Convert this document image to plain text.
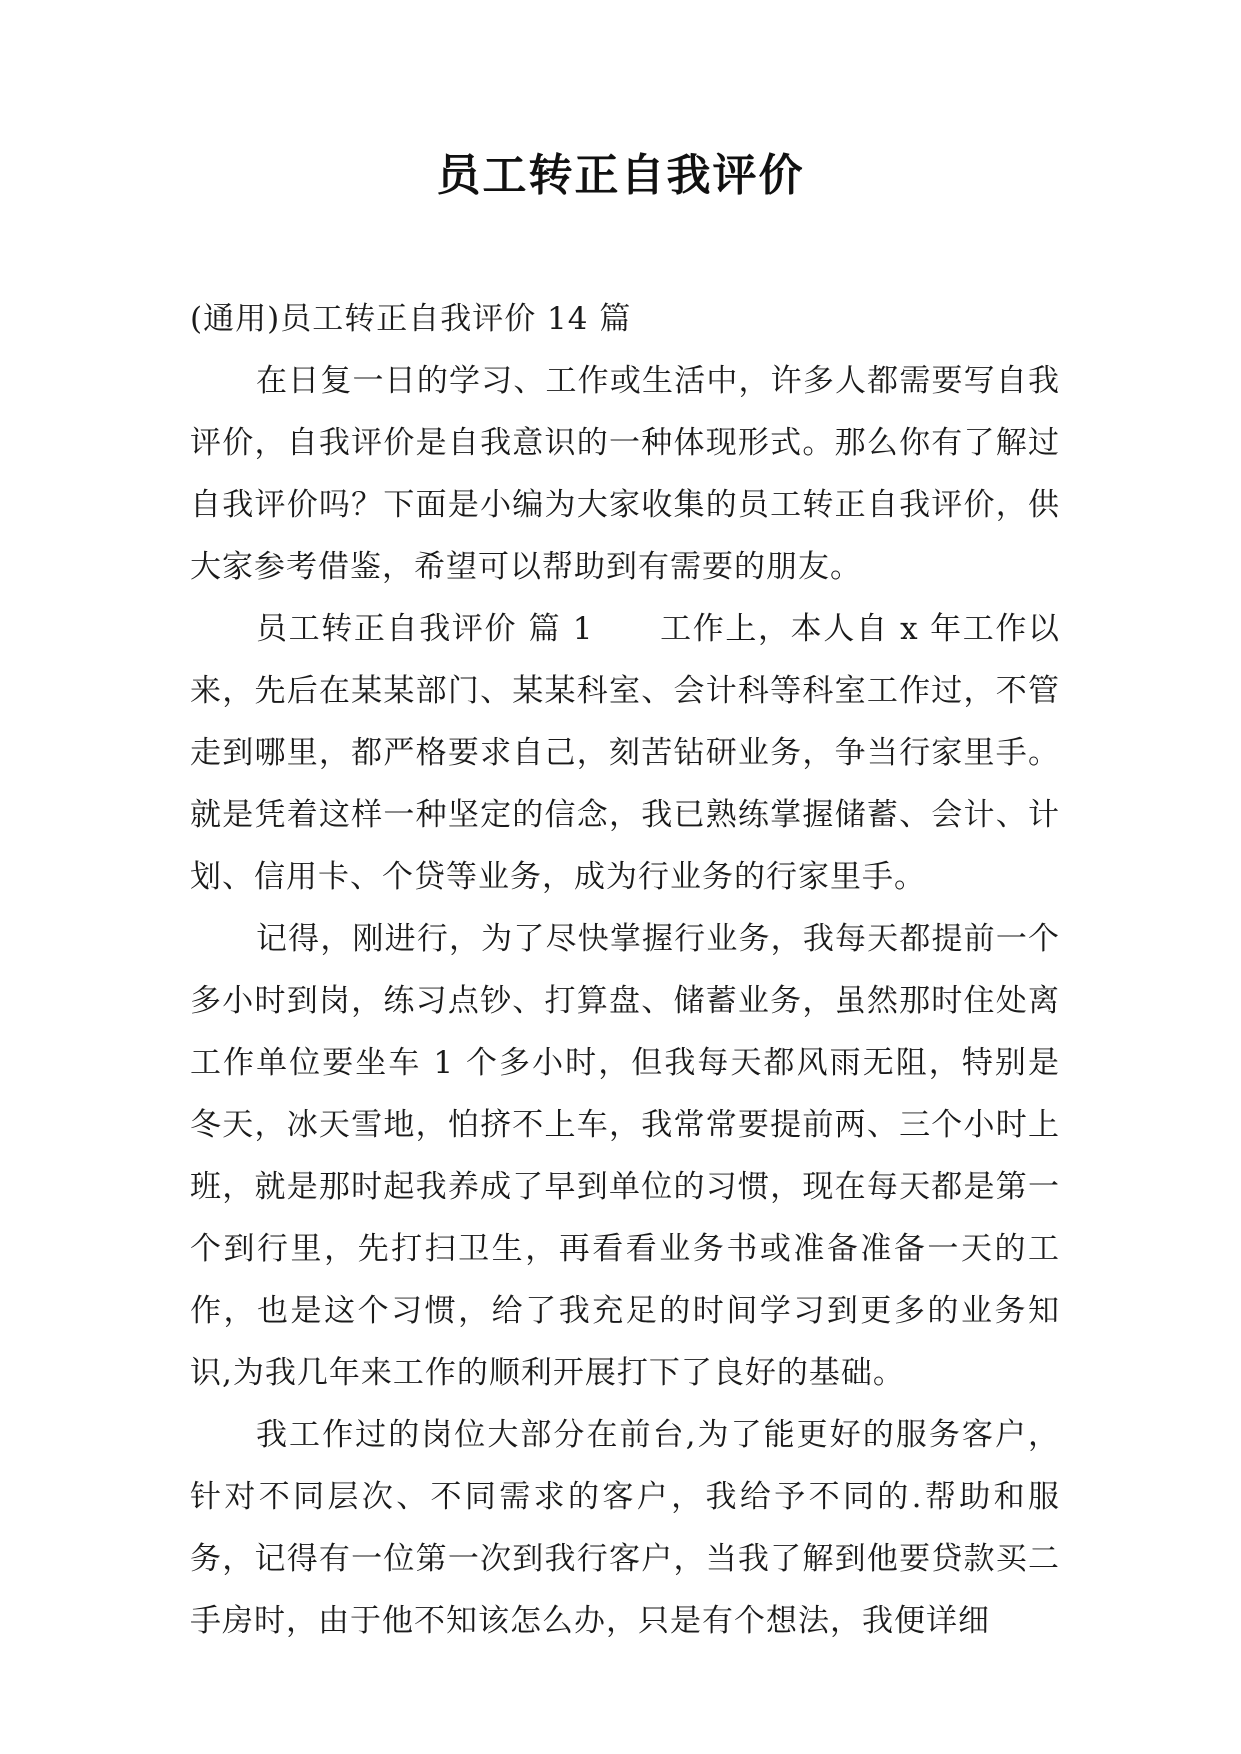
员工转正自我评价

(通用)员工转正自我评价 14 篇

在日复一日的学习、工作或生活中，许多人都需要写自我评价，自我评价是自我意识的一种体现形式。那么你有了解过自我评价吗？下面是小编为大家收集的员工转正自我评价，供大家参考借鉴，希望可以帮助到有需要的朋友。

员工转正自我评价 篇 1 工作上，本人自 x 年工作以来，先后在某某部门、某某科室、会计科等科室工作过，不管走到哪里，都严格要求自己，刻苦钻研业务，争当行家里手。就是凭着这样一种坚定的信念，我已熟练掌握储蓄、会计、计划、信用卡、个贷等业务，成为行业务的行家里手。

记得，刚进行，为了尽快掌握行业务，我每天都提前一个多小时到岗，练习点钞、打算盘、储蓄业务，虽然那时住处离工作单位要坐车 1 个多小时，但我每天都风雨无阻，特别是冬天，冰天雪地，怕挤不上车，我常常要提前两、三个小时上班，就是那时起我养成了早到单位的习惯，现在每天都是第一个到行里，先打扫卫生，再看看业务书或准备准备一天的工作，也是这个习惯，给了我充足的时间学习到更多的业务知识,为我几年来工作的顺利开展打下了良好的基础。

我工作过的岗位大部分在前台,为了能更好的服务客户，针对不同层次、不同需求的客户，我给予不同的.帮助和服务，记得有一位第一次到我行客户，当我了解到他要贷款买二手房时，由于他不知该怎么办，只是有个想法，我便详细
